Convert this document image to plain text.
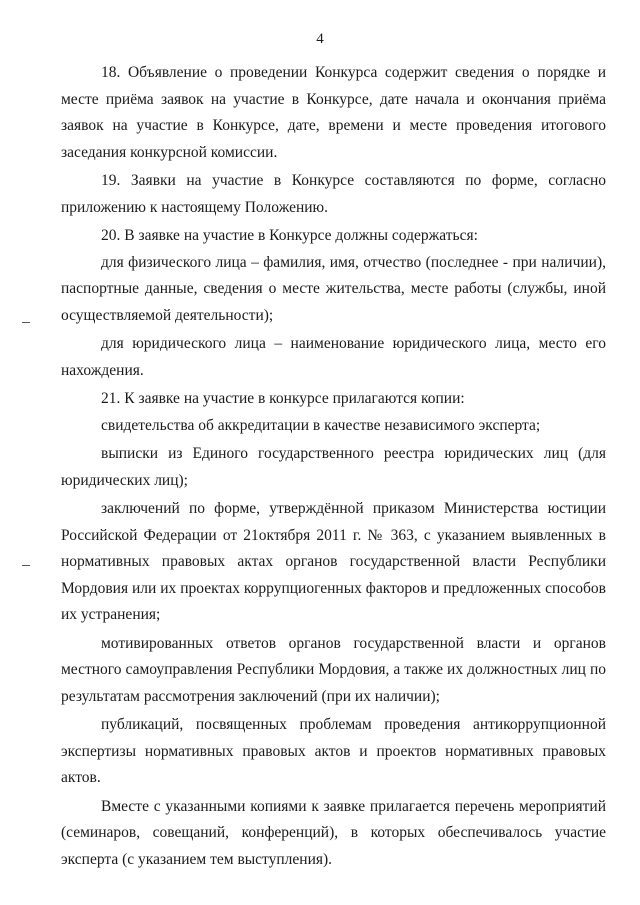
4

18. Объявление о проведении Конкурса содержит сведения о порядке и месте приёма заявок на участие в Конкурсе, дате начала и окончания приёма заявок на участие в Конкурсе, дате, времени и месте проведения итогового заседания конкурсной комиссии.

19. Заявки на участие в Конкурсе составляются по форме, согласно приложению к настоящему Положению.

20. В заявке на участие в Конкурсе должны содержаться:

для физического лица – фамилия, имя, отчество (последнее - при наличии), паспортные данные, сведения о месте жительства, месте работы (службы, иной осуществляемой деятельности);

для юридического лица – наименование юридического лица, место его нахождения.

21. К заявке на участие в конкурсе прилагаются копии:

свидетельства об аккредитации в качестве независимого эксперта;

выписки из Единого государственного реестра юридических лиц (для юридических лиц);

заключений по форме, утверждённой приказом Министерства юстиции Российской Федерации от 21октября 2011 г. № 363, с указанием выявленных в нормативных правовых актах органов государственной власти Республики Мордовия или их проектах коррупциогенных факторов и предложенных способов их устранения;

мотивированных ответов органов государственной власти и органов местного самоуправления Республики Мордовия, а также их должностных лиц по результатам рассмотрения заключений (при их наличии);

публикаций, посвященных проблемам проведения антикоррупционной экспертизы нормативных правовых актов и проектов нормативных правовых актов.

Вместе с указанными копиями к заявке прилагается перечень мероприятий (семинаров, совещаний, конференций), в которых обеспечивалось участие эксперта (с указанием тем выступления).
